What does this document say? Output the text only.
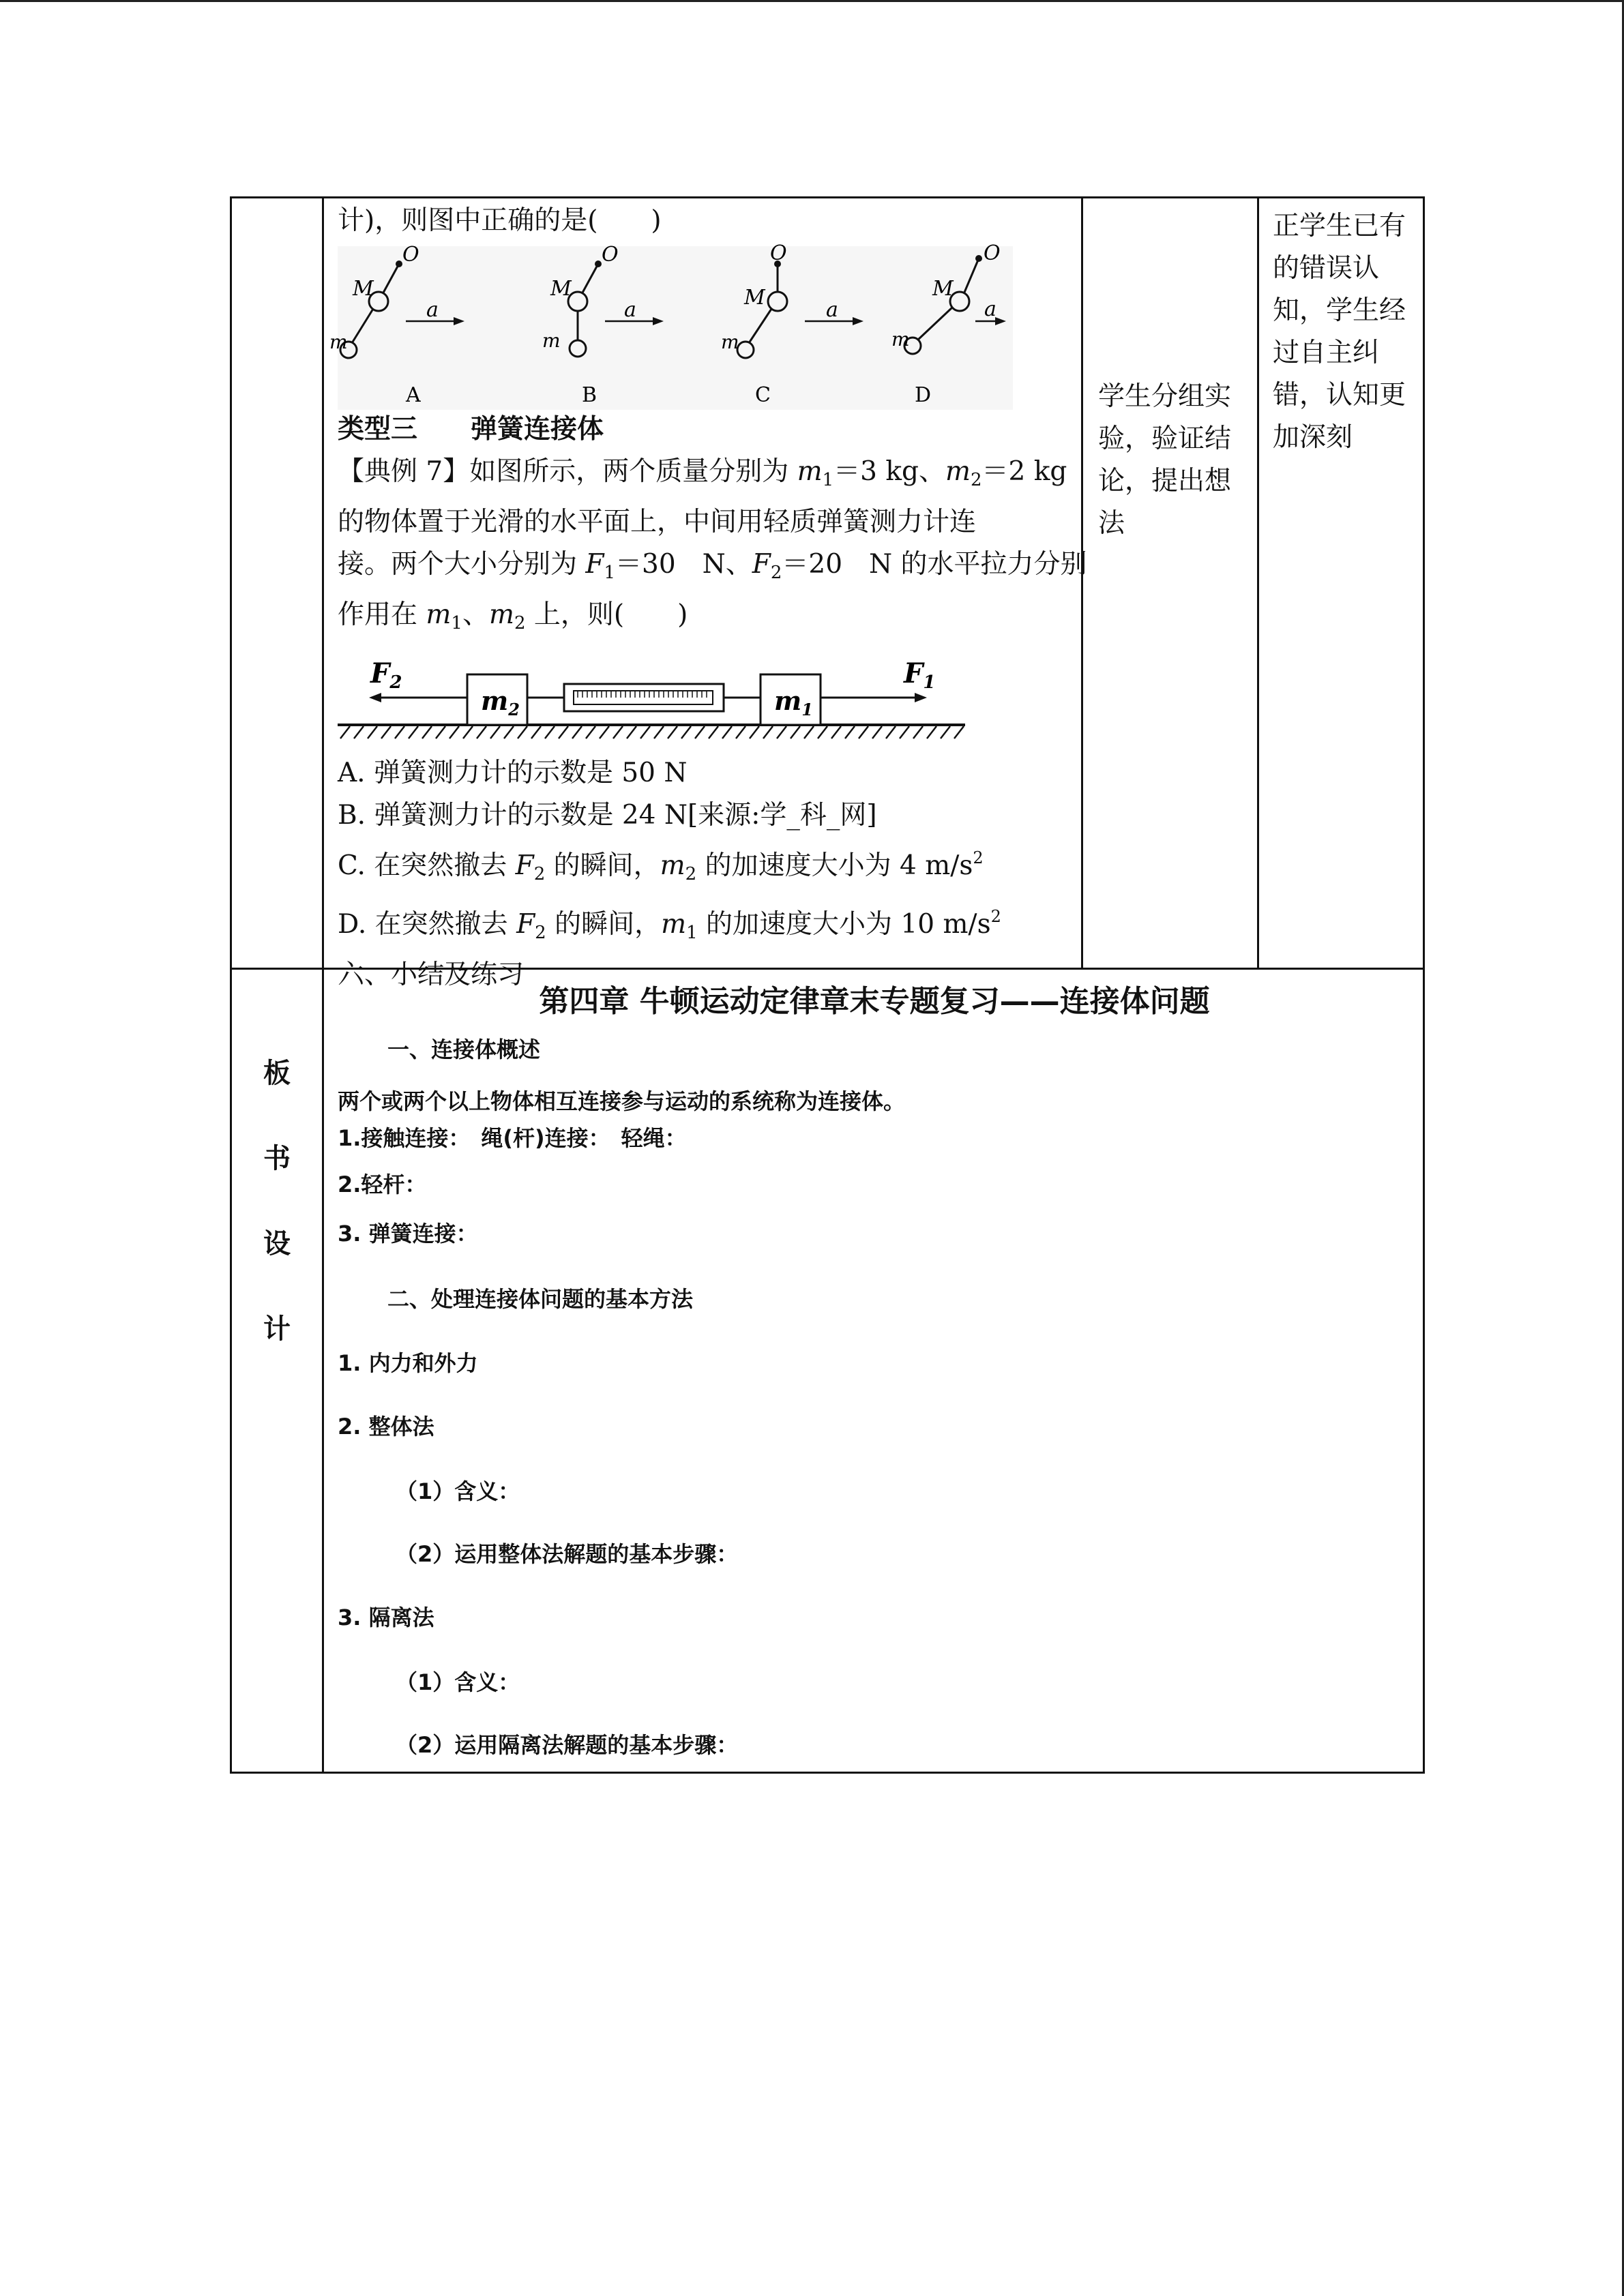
计)，则图中正确的是(　　)
O
M
a
m
A
O
M
a
m
B
O
M
a
m
C
O
M
a
m
D
类型三　　弹簧连接体
【典例 7】如图所示，两个质量分别为 $m_1=3$ kg、$m_2=2$ kg
的物体置于光滑的水平面上，中间用轻质弹簧测力计连
接。两个大小分别为 $F_1=30$　N、$F_2=20$　N 的水平拉力分别
作用在 $m_1$、$m_2$ 上，则(　　)
$F_2$
$m_2$	$m_1$
$F_1$
A. 弹簧测力计的示数是 50 N
B. 弹簧测力计的示数是 24 N[来源:学_科_网]
C. 在突然撤去 $F_2$ 的瞬间，$m_2$ 的加速度大小为 4 $m/s^2$
D. 在突然撤去 $F_2$ 的瞬间，$m_1$ 的加速度大小为 10 $m/s^2$
六、小结及练习
学生分组实验，验证结论，提出想法
正学生已有的错误认知，学生经过自主纠错，认知更加深刻
板
书
设
计
第四章 牛顿运动定律章末专题复习——连接体问题
一、连接体概述
两个或两个以上物体相互连接参与运动的系统称为连接体。
1.接触连接：　绳(杆)连接：　轻绳：
2.轻杆：
3. 弹簧连接：
二、处理连接体问题的基本方法
1. 内力和外力
2. 整体法
（1）含义：
（2）运用整体法解题的基本步骤：
3. 隔离法
（1）含义：
（2）运用隔离法解题的基本步骤：
